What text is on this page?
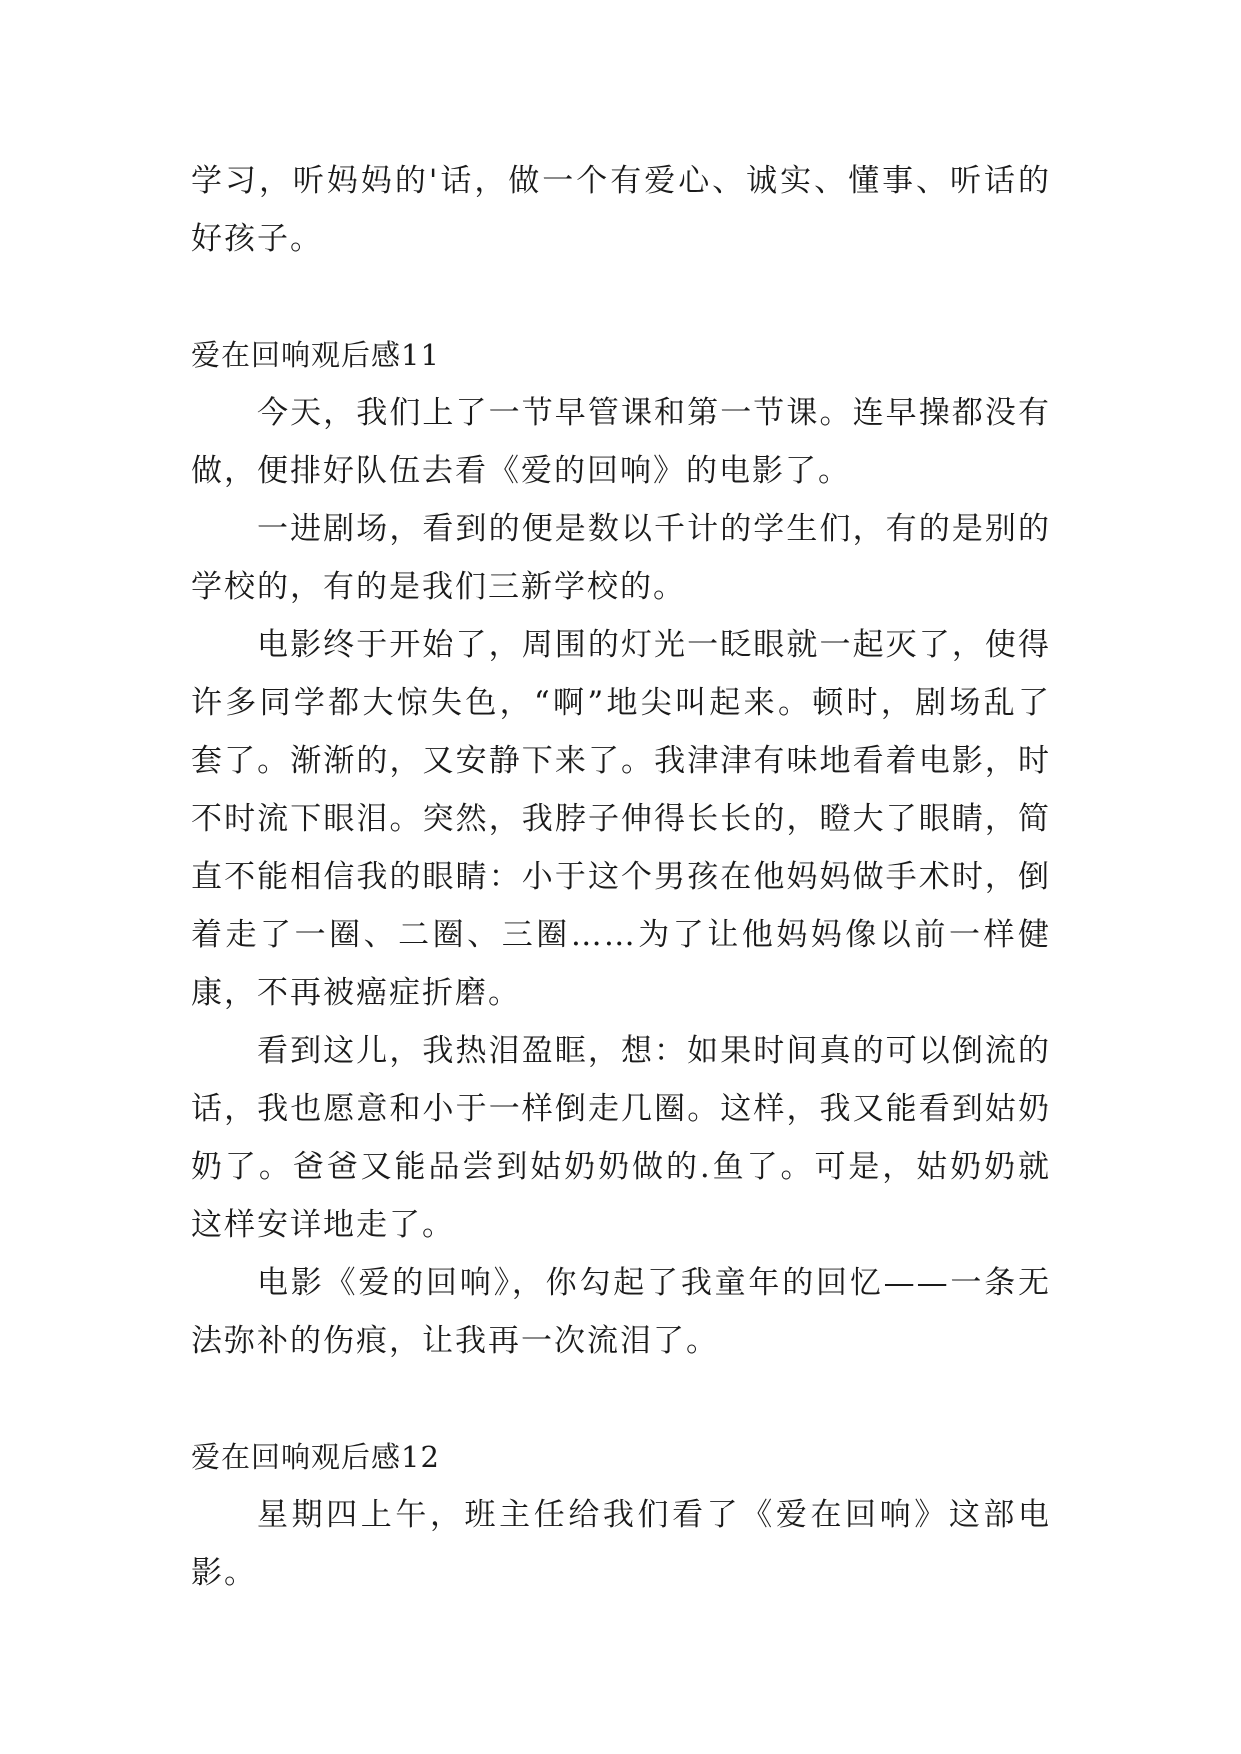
学习，听妈妈的'话，做一个有爱心、诚实、懂事、听话的好孩子。

爱在回响观后感11

今天，我们上了一节早管课和第一节课。连早操都没有做，便排好队伍去看《爱的回响》的电影了。

一进剧场，看到的便是数以千计的学生们，有的是别的学校的，有的是我们三新学校的。

电影终于开始了，周围的灯光一眨眼就一起灭了，使得许多同学都大惊失色，“啊”地尖叫起来。顿时，剧场乱了套了。渐渐的，又安静下来了。我津津有味地看着电影，时不时流下眼泪。突然，我脖子伸得长长的，瞪大了眼睛，简直不能相信我的眼睛：小于这个男孩在他妈妈做手术时，倒着走了一圈、二圈、三圈……为了让他妈妈像以前一样健康，不再被癌症折磨。

看到这儿，我热泪盈眶，想：如果时间真的可以倒流的话，我也愿意和小于一样倒走几圈。这样，我又能看到姑奶奶了。爸爸又能品尝到姑奶奶做的.鱼了。可是，姑奶奶就这样安详地走了。

电影《爱的回响》，你勾起了我童年的回忆——一条无法弥补的伤痕，让我再一次流泪了。

爱在回响观后感12

星期四上午，班主任给我们看了《爱在回响》这部电影。
